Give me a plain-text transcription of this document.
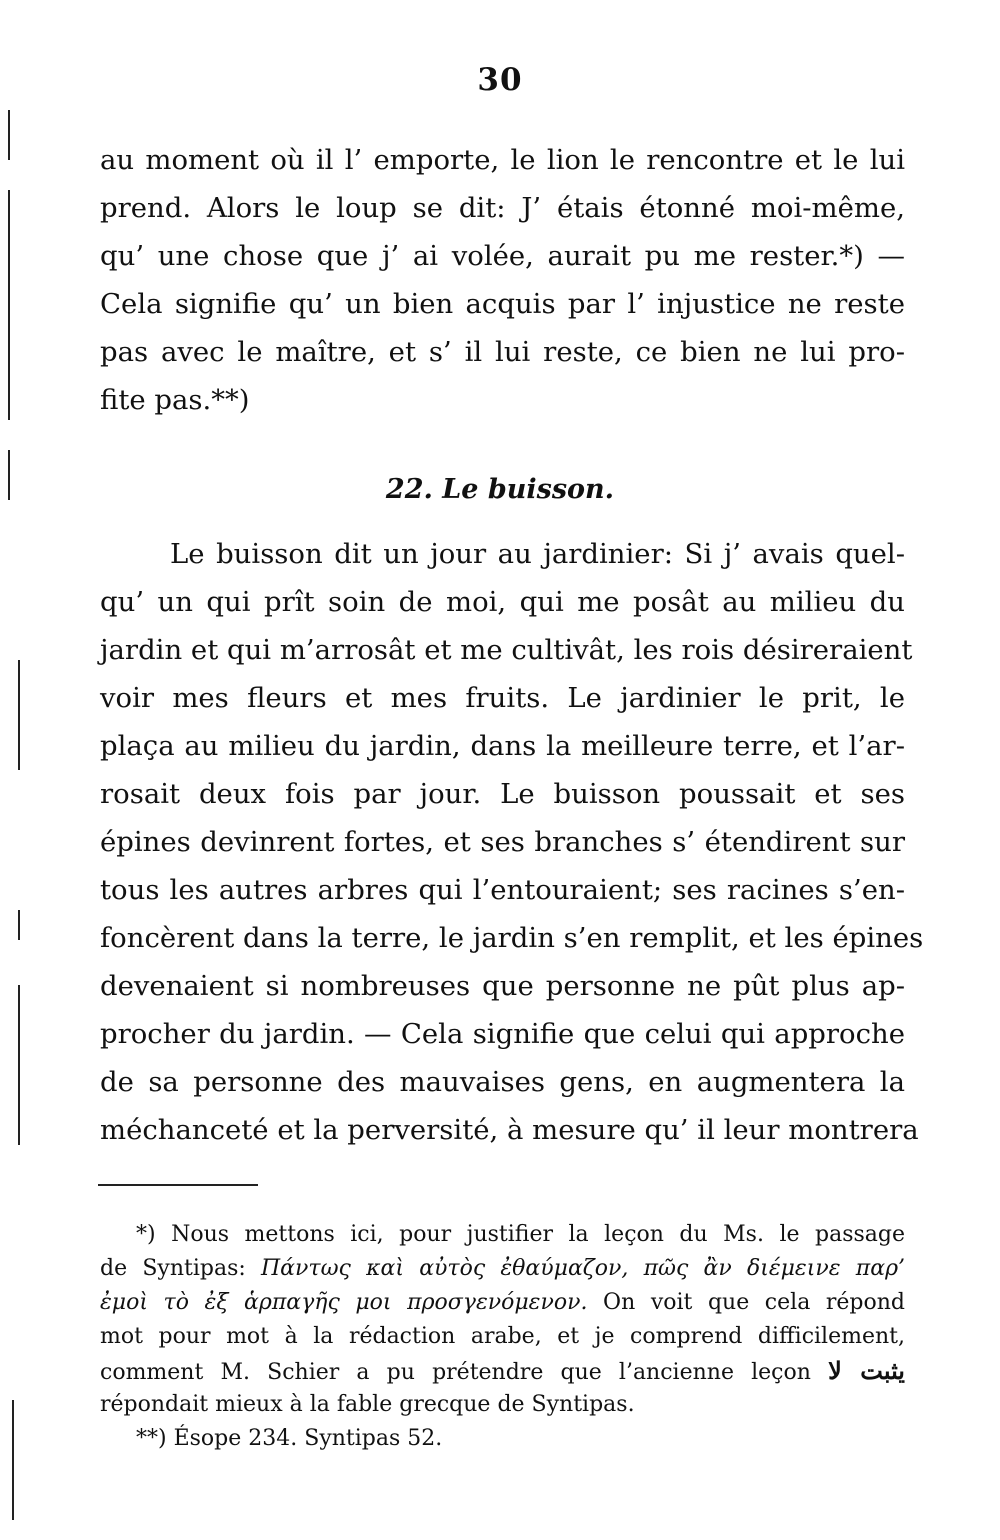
30
au moment où il l’ emporte, le lion le rencontre et le lui
prend. Alors le loup se dit: J’ étais étonné moi-même,
qu’ une chose que j’ ai volée, aurait pu me rester.*) —
Cela signifie qu’ un bien acquis par l’ injustice ne reste
pas avec le maître, et s’ il lui reste, ce bien ne lui pro-
fite pas.**)
22. Le buisson.
Le buisson dit un jour au jardinier: Si j’ avais quel-
qu’ un qui prît soin de moi, qui me posât au milieu du
jardin et qui m’arrosât et me cultivât, les rois désireraient
voir mes fleurs et mes fruits. Le jardinier le prit, le
plaça au milieu du jardin, dans la meilleure terre, et l’ar-
rosait deux fois par jour. Le buisson poussait et ses
épines devinrent fortes, et ses branches s’ étendirent sur
tous les autres arbres qui l’entouraient; ses racines s’en-
foncèrent dans la terre, le jardin s’en remplit, et les épines
devenaient si nombreuses que personne ne pût plus ap-
procher du jardin. — Cela signifie que celui qui approche
de sa personne des mauvaises gens, en augmentera la
méchanceté et la perversité, à mesure qu’ il leur montrera
*) Nous mettons ici, pour justifier la leçon du Ms. le passage
de Syntipas: Πάντως καὶ αὐτὸς ἐθαύμαζον, πῶς ἂν διέμεινε παρ’
ἐμοὶ τὸ ἐξ ἁρπαγῆς μοι προσγενόμενον. On voit que cela répond
mot pour mot à la rédaction arabe, et je comprend difficilement,
comment M. Schier a pu prétendre que l’ancienne leçon يثبت لا
répondait mieux à la fable grecque de Syntipas.
**) Ésope 234. Syntipas 52.
